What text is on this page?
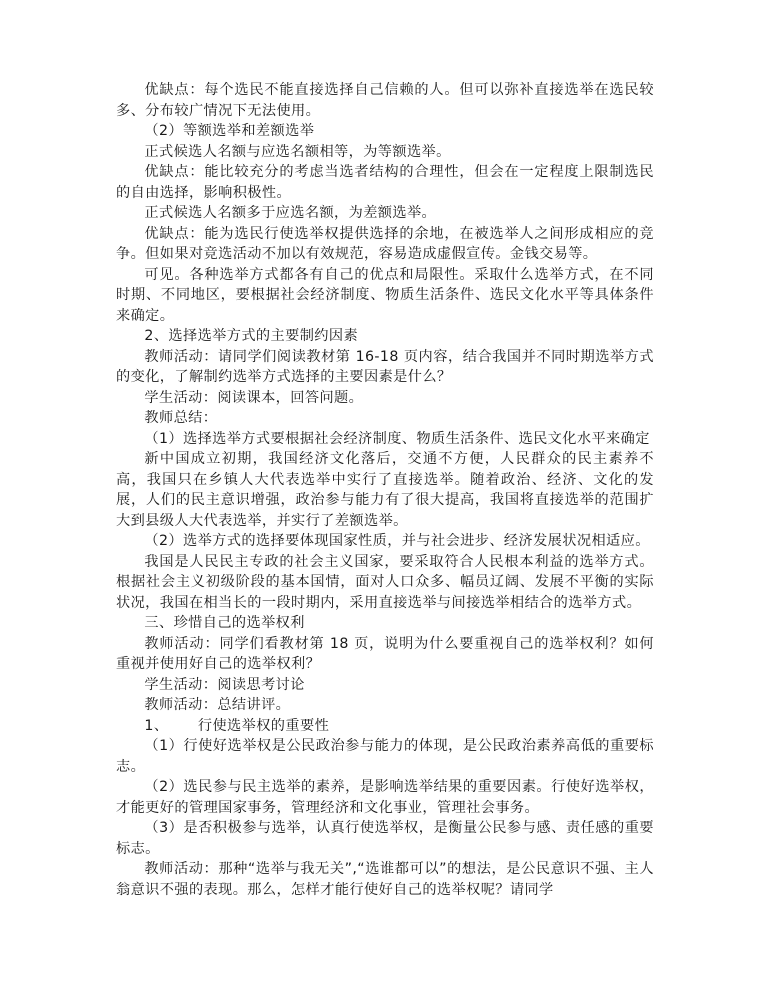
优缺点：每个选民不能直接选择自己信赖的人。但可以弥补直接选举在选民较多、分布较广情况下无法使用。

（2）等额选举和差额选举

正式候选人名额与应选名额相等，为等额选举。

优缺点：能比较充分的考虑当选者结构的合理性，但会在一定程度上限制选民的自由选择，影响积极性。

正式候选人名额多于应选名额，为差额选举。

优缺点：能为选民行使选举权提供选择的余地，在被选举人之间形成相应的竞争。但如果对竞选活动不加以有效规范，容易造成虚假宣传。金钱交易等。

可见。各种选举方式都各有自己的优点和局限性。采取什么选举方式，在不同时期、不同地区，要根据社会经济制度、物质生活条件、选民文化水平等具体条件来确定。

2、选择选举方式的主要制约因素

教师活动：请同学们阅读教材第 16-18 页内容，结合我国并不同时期选举方式的变化，了解制约选举方式选择的主要因素是什么？

学生活动：阅读课本，回答问题。

教师总结：

（1）选择选举方式要根据社会经济制度、物质生活条件、选民文化水平来确定

新中国成立初期，我国经济文化落后，交通不方便，人民群众的民主素养不高，我国只在乡镇人大代表选举中实行了直接选举。随着政治、经济、文化的发展，人们的民主意识增强，政治参与能力有了很大提高，我国将直接选举的范围扩大到县级人大代表选举，并实行了差额选举。

（2）选举方式的选择要体现国家性质，并与社会进步、经济发展状况相适应。

我国是人民民主专政的社会主义国家，要采取符合人民根本利益的选举方式。根据社会主义初级阶段的基本国情，面对人口众多、幅员辽阔、发展不平衡的实际状况，我国在相当长的一段时期内，采用直接选举与间接选举相结合的选举方式。

三、珍惜自己的选举权利

教师活动：同学们看教材第 18 页，说明为什么要重视自己的选举权利？如何重视并使用好自己的选举权利？

学生活动：阅读思考讨论

教师活动：总结讲评。

1、      行使选举权的重要性

（1）行使好选举权是公民政治参与能力的体现，是公民政治素养高低的重要标志。

（2）选民参与民主选举的素养，是影响选举结果的重要因素。行使好选举权，才能更好的管理国家事务，管理经济和文化事业，管理社会事务。

（3）是否积极参与选举，认真行使选举权，是衡量公民参与感、责任感的重要标志。

教师活动：那种“选举与我无关”,“选谁都可以”的想法，是公民意识不强、主人翁意识不强的表现。那么，怎样才能行使好自己的选举权呢？请同学
